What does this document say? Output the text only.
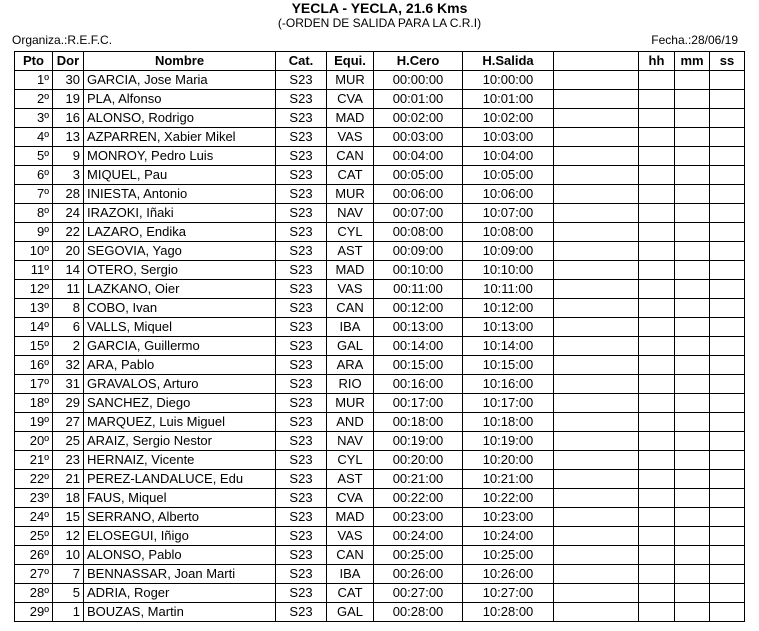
YECLA - YECLA, 21.6 Kms
(-ORDEN DE SALIDA PARA LA C.R.I)
Organiza.:R.E.F.C.	Fecha.:28/06/19
Pto	Dor	Nombre	Cat.	Equi.	H.Cero	H.Salida		hh	mm	ss
1º	30	GARCIA, Jose Maria	S23	MUR	00:00:00	10:00:00				
2º	19	PLA, Alfonso	S23	CVA	00:01:00	10:01:00				
3º	16	ALONSO, Rodrigo	S23	MAD	00:02:00	10:02:00				
4º	13	AZPARREN, Xabier Mikel	S23	VAS	00:03:00	10:03:00				
5º	9	MONROY, Pedro Luis	S23	CAN	00:04:00	10:04:00				
6º	3	MIQUEL, Pau	S23	CAT	00:05:00	10:05:00				
7º	28	INIESTA, Antonio	S23	MUR	00:06:00	10:06:00				
8º	24	IRAZOKI, Iñaki	S23	NAV	00:07:00	10:07:00				
9º	22	LAZARO, Endika	S23	CYL	00:08:00	10:08:00				
10º	20	SEGOVIA, Yago	S23	AST	00:09:00	10:09:00				
11º	14	OTERO, Sergio	S23	MAD	00:10:00	10:10:00				
12º	11	LAZKANO, Oier	S23	VAS	00:11:00	10:11:00				
13º	8	COBO, Ivan	S23	CAN	00:12:00	10:12:00				
14º	6	VALLS, Miquel	S23	IBA	00:13:00	10:13:00				
15º	2	GARCIA, Guillermo	S23	GAL	00:14:00	10:14:00				
16º	32	ARA, Pablo	S23	ARA	00:15:00	10:15:00				
17º	31	GRAVALOS, Arturo	S23	RIO	00:16:00	10:16:00				
18º	29	SANCHEZ, Diego	S23	MUR	00:17:00	10:17:00				
19º	27	MARQUEZ, Luis Miguel	S23	AND	00:18:00	10:18:00				
20º	25	ARAIZ, Sergio Nestor	S23	NAV	00:19:00	10:19:00				
21º	23	HERNAIZ, Vicente	S23	CYL	00:20:00	10:20:00				
22º	21	PEREZ-LANDALUCE, Edu	S23	AST	00:21:00	10:21:00				
23º	18	FAUS, Miquel	S23	CVA	00:22:00	10:22:00				
24º	15	SERRANO, Alberto	S23	MAD	00:23:00	10:23:00				
25º	12	ELOSEGUI, Iñigo	S23	VAS	00:24:00	10:24:00				
26º	10	ALONSO, Pablo	S23	CAN	00:25:00	10:25:00				
27º	7	BENNASSAR, Joan Marti	S23	IBA	00:26:00	10:26:00				
28º	5	ADRIA, Roger	S23	CAT	00:27:00	10:27:00				
29º	1	BOUZAS, Martin	S23	GAL	00:28:00	10:28:00				
